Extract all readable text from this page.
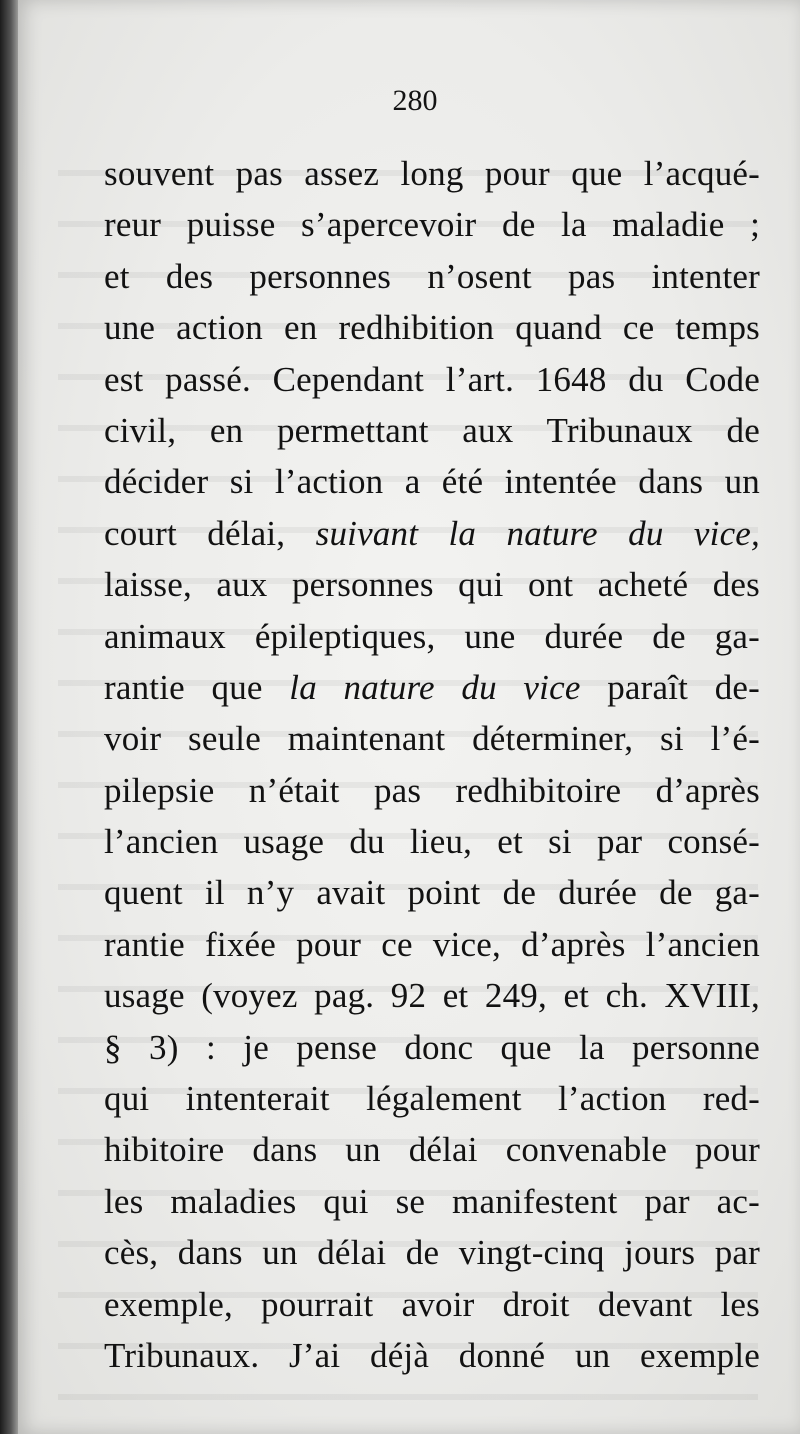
280
souvent pas assez long pour que l’acqué-
reur puisse s’apercevoir de la maladie ;
et des personnes n’osent pas intenter
une action en redhibition quand ce temps
est passé. Cependant l’art. 1648 du Code
civil, en permettant aux Tribunaux de
décider si l’action a été intentée dans un
court délai, suivant la nature du vice,
laisse, aux personnes qui ont acheté des
animaux épileptiques, une durée de ga-
rantie que la nature du vice paraît de-
voir seule maintenant déterminer, si l’é-
pilepsie n’était pas redhibitoire d’après
l’ancien usage du lieu, et si par consé-
quent il n’y avait point de durée de ga-
rantie fixée pour ce vice, d’après l’ancien
usage (voyez pag. 92 et 249, et ch. XVIII,
§ 3) : je pense donc que la personne
qui intenterait légalement l’action red-
hibitoire dans un délai convenable pour
les maladies qui se manifestent par ac-
cès, dans un délai de vingt-cinq jours par
exemple, pourrait avoir droit devant les
Tribunaux. J’ai déjà donné un exemple
